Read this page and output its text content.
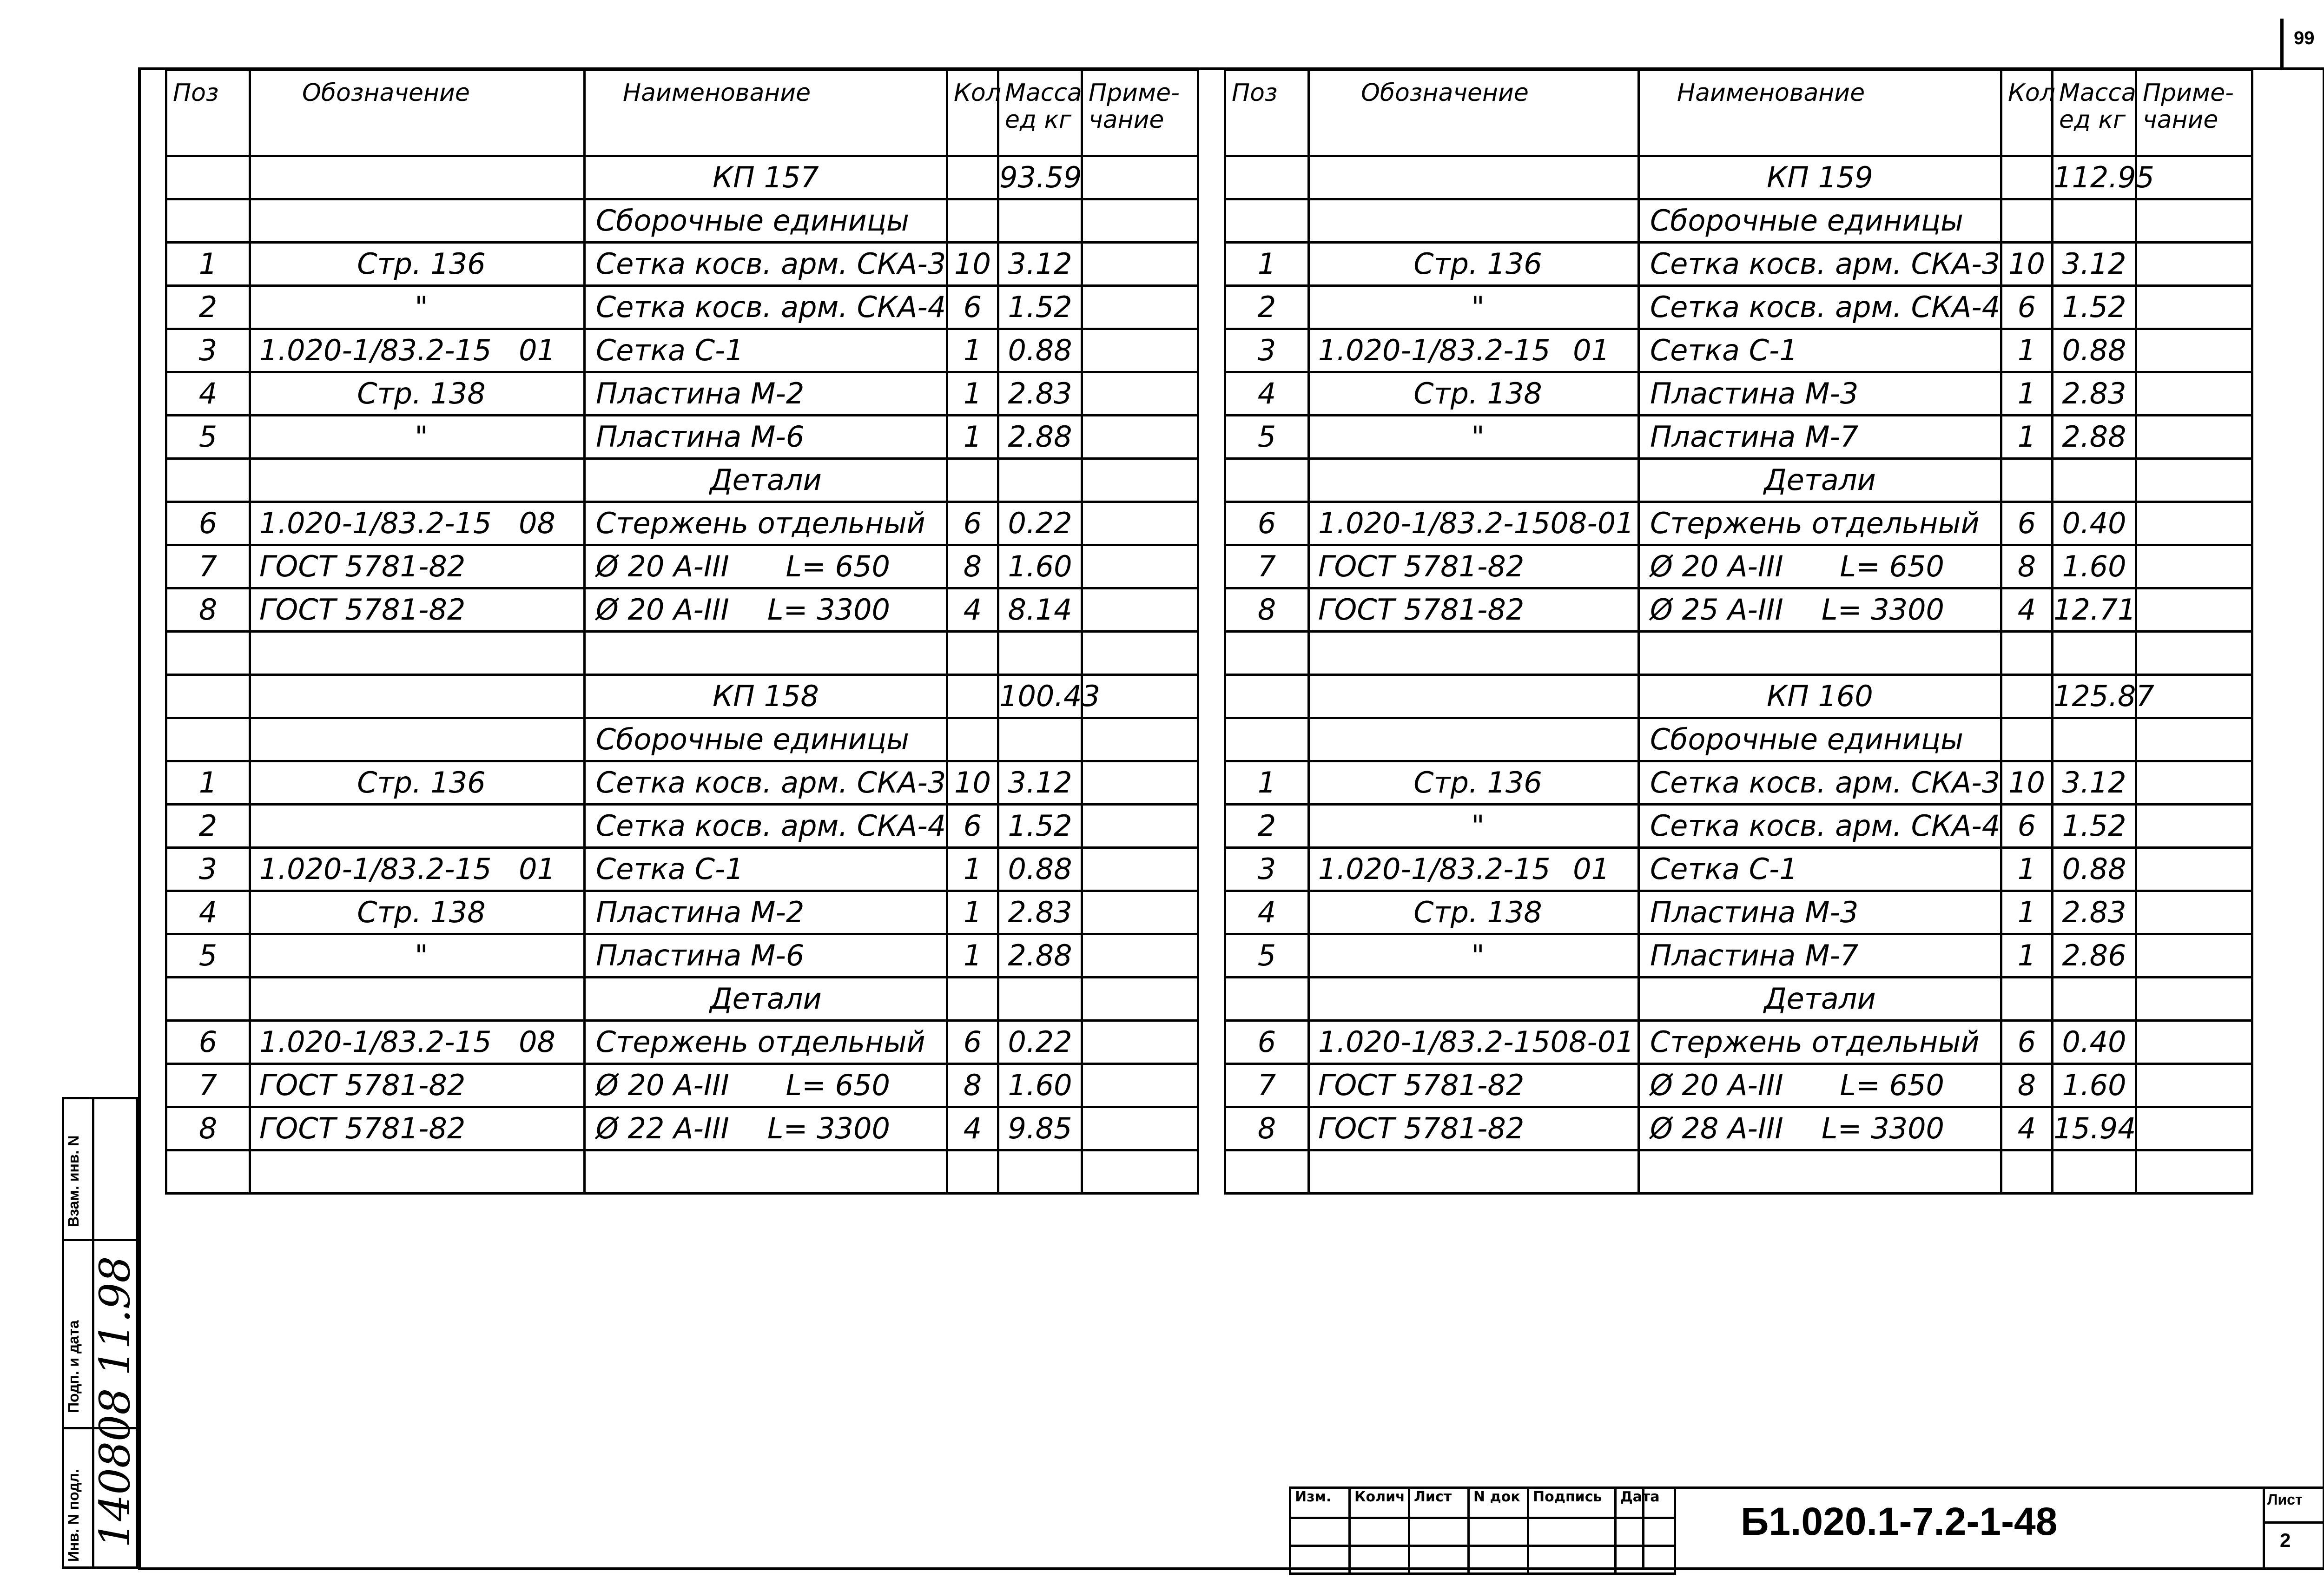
99
Поз	Обозначение	Наименование	Кол	Масса ед кг	Приме-чание

		КП 157		93.59	

		Сборочные единицы			

1	Стр. 136	Сетка косв. арм. СКА-3	10	3.12	
2	"	Сетка косв. арм. СКА-4	6	1.52	
3	1.020-1/83.2-15 01	Сетка С-1	1	0.88	
4	Стр. 138	Пластина М-2	1	2.83	
5	"	Пластина М-6	1	2.88	

		Детали			

6	1.020-1/83.2-15 08	Стержень отдельный	6	0.22	
7	ГОСТ 5781-82	Ø 20 А-III L= 650	8	1.60	
8	ГОСТ 5781-82	Ø 20 А-III L= 3300	4	8.14	

		КП 158		100.43	

		Сборочные единицы			

1	Стр. 136	Сетка косв. арм. СКА-3	10	3.12	
2		Сетка косв. арм. СКА-4	6	1.52	
3	1.020-1/83.2-15 01	Сетка С-1	1	0.88	
4	Стр. 138	Пластина М-2	1	2.83	
5	"	Пластина М-6	1	2.88	

		Детали			

6	1.020-1/83.2-15 08	Стержень отдельный	6	0.22	
7	ГОСТ 5781-82	Ø 20 А-III L= 650	8	1.60	
8	ГОСТ 5781-82	Ø 22 А-III L= 3300	4	9.85	

Поз	Обозначение	Наименование	Кол	Масса ед кг	Приме-чание

		КП 159		112.95	

		Сборочные единицы			

1	Стр. 136	Сетка косв. арм. СКА-3	10	3.12	
2	"	Сетка косв. арм. СКА-4	6	1.52	
3	1.020-1/83.2-15 01	Сетка С-1	1	0.88	
4	Стр. 138	Пластина М-3	1	2.83	
5	"	Пластина М-7	1	2.88	

		Детали			

6	1.020-1/83.2-15 08-01	Стержень отдельный	6	0.40	
7	ГОСТ 5781-82	Ø 20 А-III L= 650	8	1.60	
8	ГОСТ 5781-82	Ø 25 А-III L= 3300	4	12.71	

		КП 160		125.87	

		Сборочные единицы			

1	Стр. 136	Сетка косв. арм. СКА-3	10	3.12	
2	"	Сетка косв. арм. СКА-4	6	1.52	
3	1.020-1/83.2-15 01	Сетка С-1	1	0.88	
4	Стр. 138	Пластина М-3	1	2.83	
5	"	Пластина М-7	1	2.86	

		Детали			

6	1.020-1/83.2-15 08-01	Стержень отдельный	6	0.40	
7	ГОСТ 5781-82	Ø 20 А-III L= 650	8	1.60	
8	ГОСТ 5781-82	Ø 28 А-III L= 3300	4	15.94	

Взам. инв. N
Подп. и дата
Инв. N подл.
11.98
140808	Изм.	Колич	Лист	N док	Подпись	Дата

Б1.020.1-7.2-1-48	Лист
2
